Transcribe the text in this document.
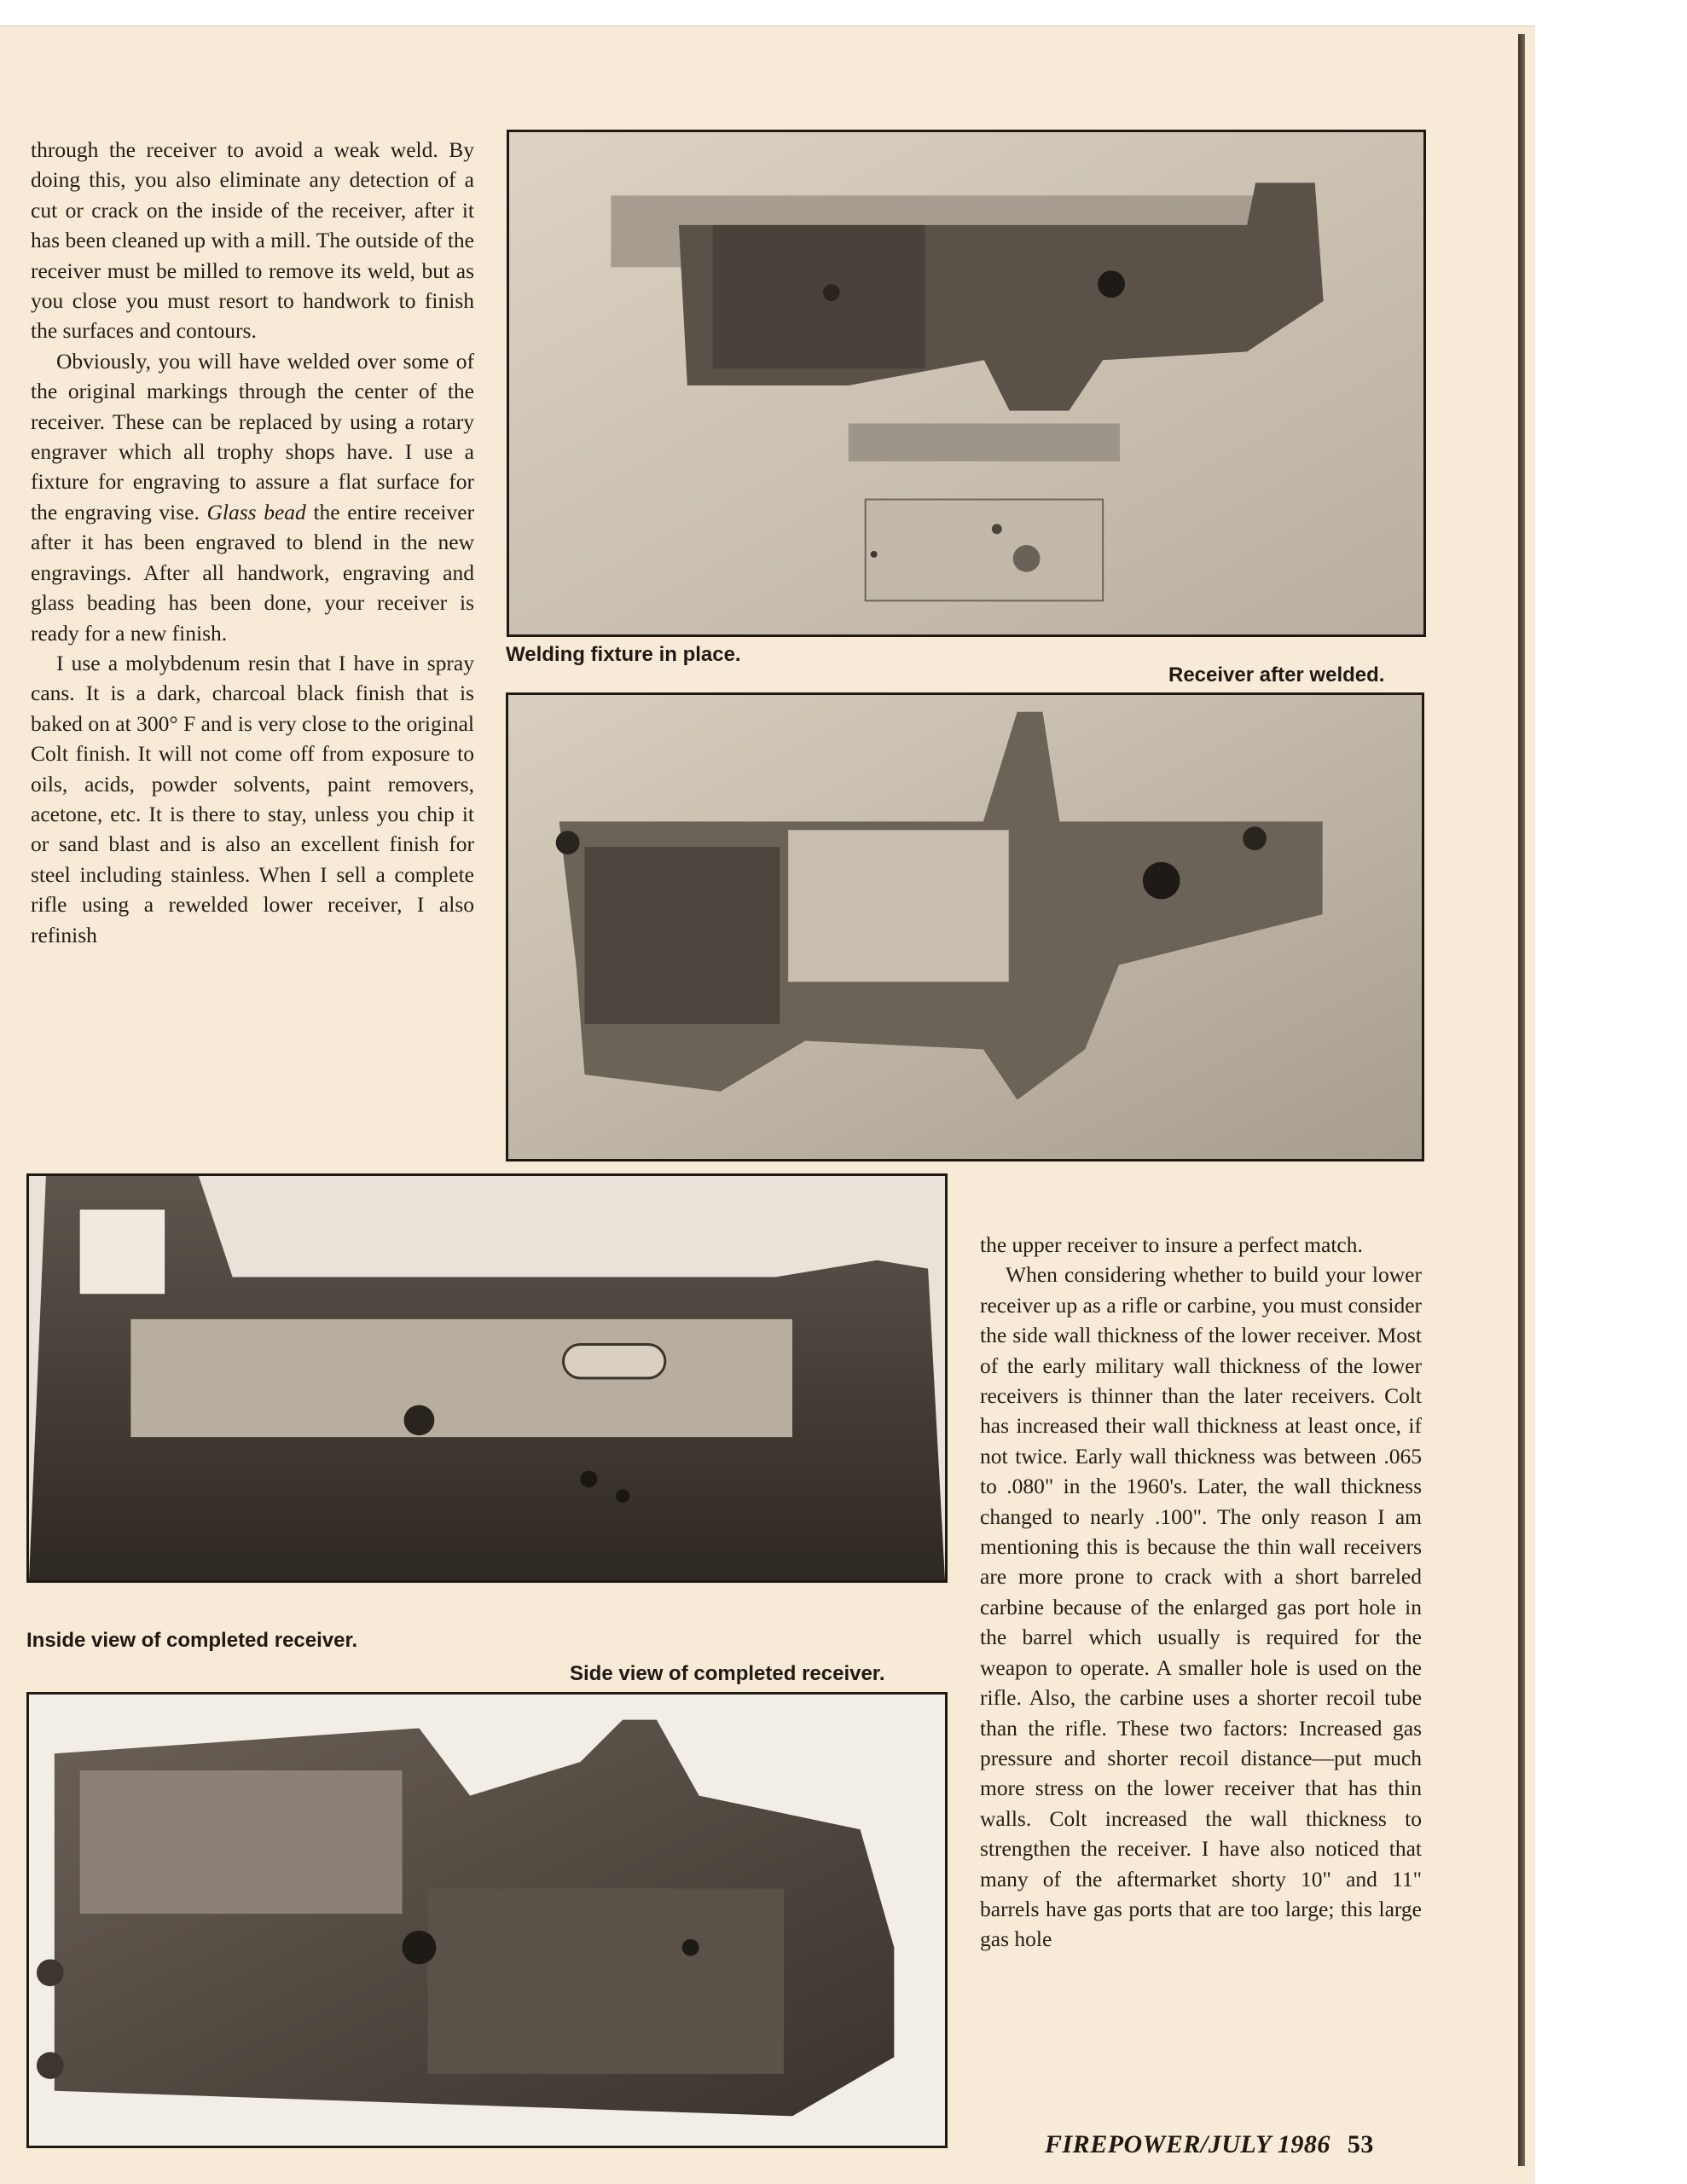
through the receiver to avoid a weak weld. By doing this, you also eliminate any detection of a cut or crack on the inside of the receiver, after it has been cleaned up with a mill. The outside of the receiver must be milled to remove its weld, but as you close you must resort to handwork to finish the surfaces and contours.

Obviously, you will have welded over some of the original markings through the center of the receiver. These can be replaced by using a rotary engraver which all trophy shops have. I use a fixture for engraving to assure a flat surface for the engraving vise. Glass bead the entire receiver after it has been engraved to blend in the new engravings. After all handwork, engraving and glass beading has been done, your receiver is ready for a new finish.

I use a molybdenum resin that I have in spray cans. It is a dark, charcoal black finish that is baked on at 300° F and is very close to the original Colt finish. It will not come off from exposure to oils, acids, powder solvents, paint removers, acetone, etc. It is there to stay, unless you chip it or sand blast and is also an excellent finish for steel including stainless. When I sell a complete rifle using a rewelded lower receiver, I also refinish

the upper receiver to insure a perfect match.

When considering whether to build your lower receiver up as a rifle or carbine, you must consider the side wall thickness of the lower receiver. Most of the early military wall thickness of the lower receivers is thinner than the later receivers. Colt has increased their wall thickness at least once, if not twice. Early wall thickness was between .065 to .080" in the 1960's. Later, the wall thickness changed to nearly .100". The only reason I am mentioning this is because the thin wall receivers are more prone to crack with a short barreled carbine because of the enlarged gas port hole in the barrel which usually is required for the weapon to operate. A smaller hole is used on the rifle. Also, the carbine uses a shorter recoil tube than the rifle. These two factors: Increased gas pressure and shorter recoil distance—put much more stress on the lower receiver that has thin walls. Colt increased the wall thickness to strengthen the receiver. I have also noticed that many of the aftermarket shorty 10" and 11" barrels have gas ports that are too large; this large gas hole

Welding fixture in place.
Receiver after welded.
Inside view of completed receiver.
Side view of completed receiver.
FIREPOWER/JULY 1986 53
